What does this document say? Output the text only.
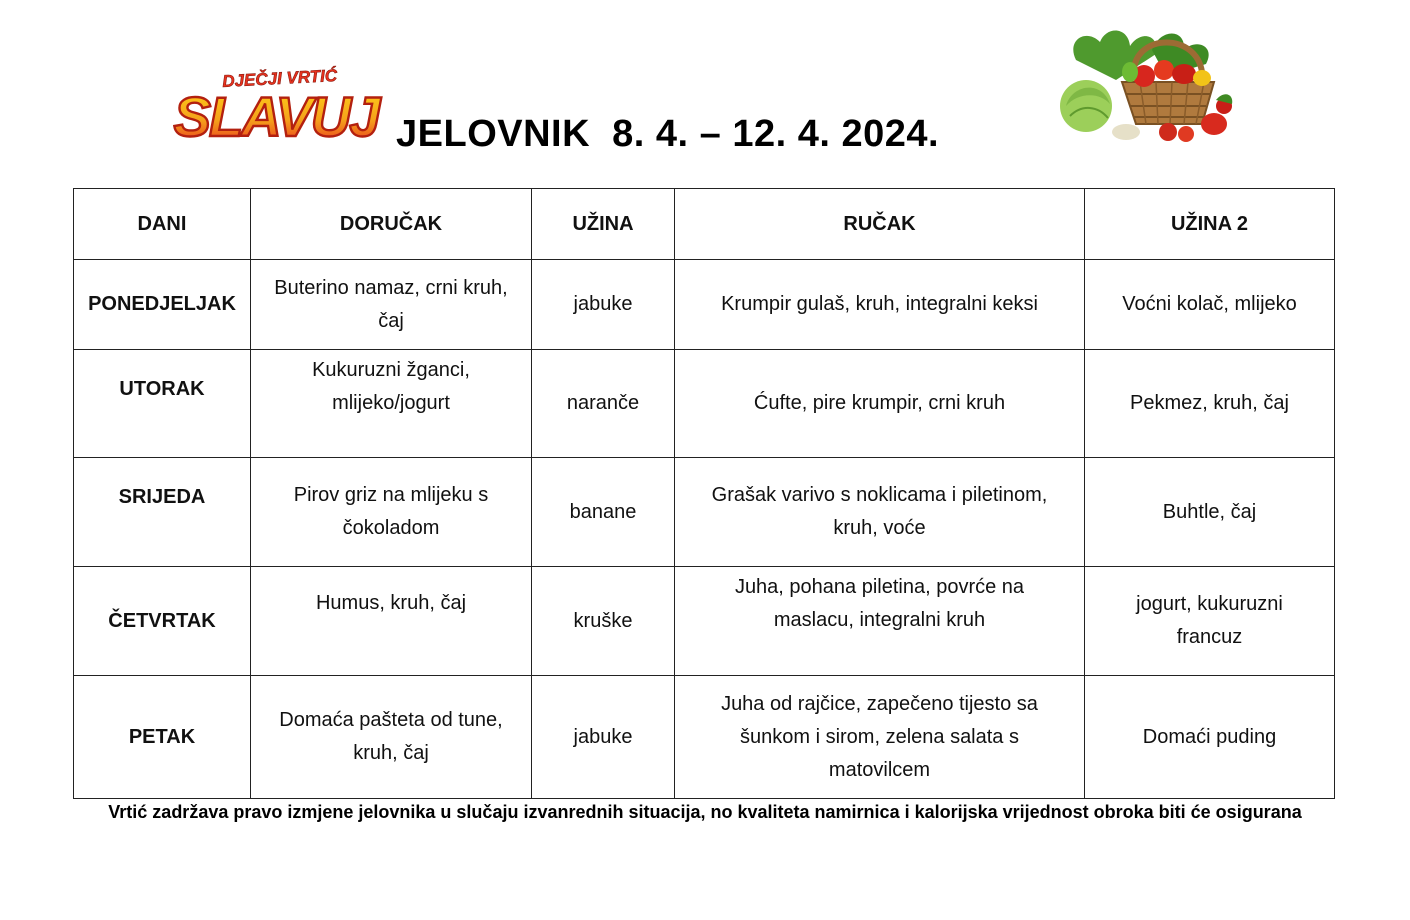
DJEČJI VRTIĆ
SLAVUJ JELOVNIK  8. 4. – 12. 4. 2024.
DANI	DORUČAK	UŽINA	RUČAK	UŽINA 2
PONEDJELJAK	Buterino namaz, crni kruh, čaj	jabuke	Krumpir gulaš, kruh, integralni keksi	Voćni kolač, mlijeko
UTORAK	Kukuruzni žganci, mlijeko/jogurt	naranče	Ćufte, pire krumpir, crni kruh	Pekmez, kruh, čaj
SRIJEDA	Pirov griz na mlijeku s čokoladom	banane	Grašak varivo s noklicama i piletinom, kruh, voće	Buhtle, čaj
ČETVRTAK	Humus, kruh, čaj	kruške	Juha, pohana piletina, povrće na maslacu, integralni kruh	jogurt, kukuruzni francuz
PETAK	Domaća pašteta od tune, kruh, čaj	jabuke	Juha od rajčice, zapečeno tijesto sa šunkom i sirom, zelena salata s matovilcem	Domaći puding

Vrtić zadržava pravo izmjene jelovnika u slučaju izvanrednih situacija, no kvaliteta namirnica i kalorijska vrijednost obroka biti će osigurana
